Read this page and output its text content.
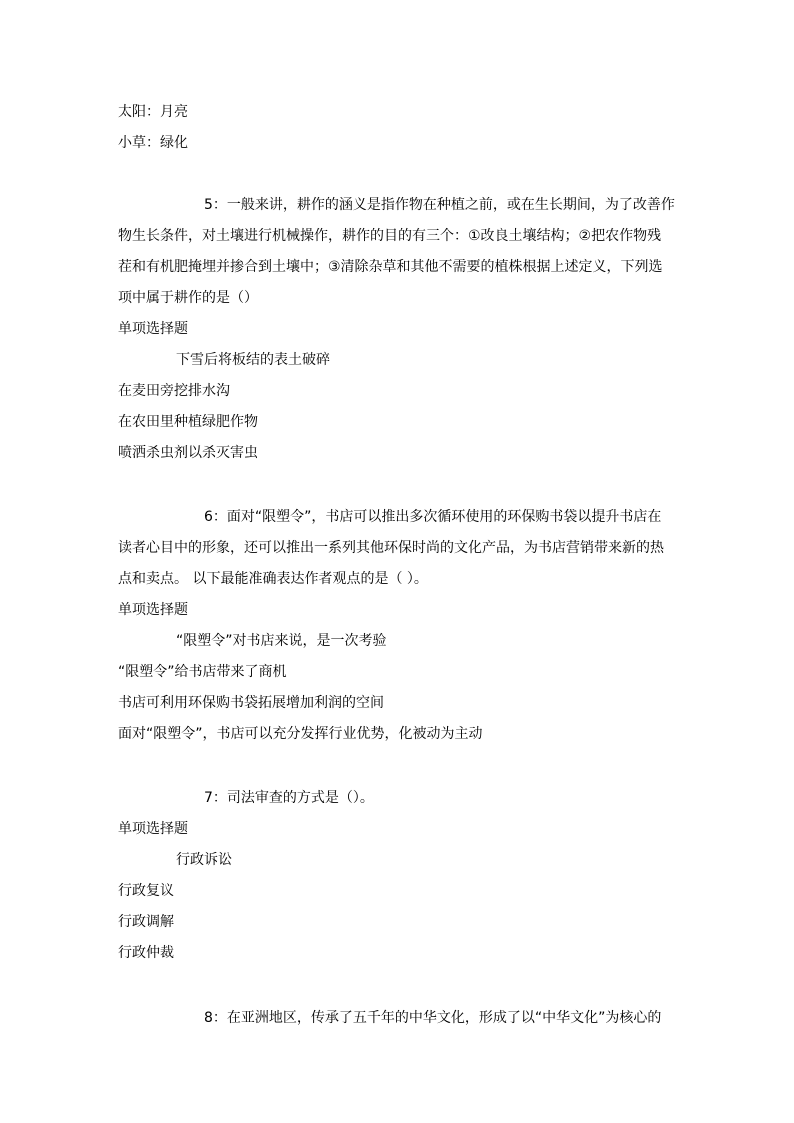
太阳：月亮
小草：绿化
5：一般来讲，耕作的涵义是指作物在种植之前，或在生长期间，为了改善作
物生长条件，对土壤进行机械操作，耕作的目的有三个：①改良土壤结构；②把农作物残
茬和有机肥掩埋并掺合到土壤中；③清除杂草和其他不需要的植株根据上述定义，下列选
项中属于耕作的是（）
单项选择题
下雪后将板结的表土破碎
在麦田旁挖排水沟
在农田里种植绿肥作物
喷洒杀虫剂以杀灭害虫
6：面对“限塑令”，书店可以推出多次循环使用的环保购书袋以提升书店在
读者心目中的形象，还可以推出一系列其他环保时尚的文化产品，为书店营销带来新的热
点和卖点。 以下最能准确表达作者观点的是（ ）。
单项选择题
“限塑令”对书店来说，是一次考验
“限塑令”给书店带来了商机
书店可利用环保购书袋拓展增加利润的空间
面对“限塑令”，书店可以充分发挥行业优势，化被动为主动
7：司法审查的方式是（）。
单项选择题
行政诉讼
行政复议
行政调解
行政仲裁
8：在亚洲地区，传承了五千年的中华文化，形成了以“中华文化”为核心的
